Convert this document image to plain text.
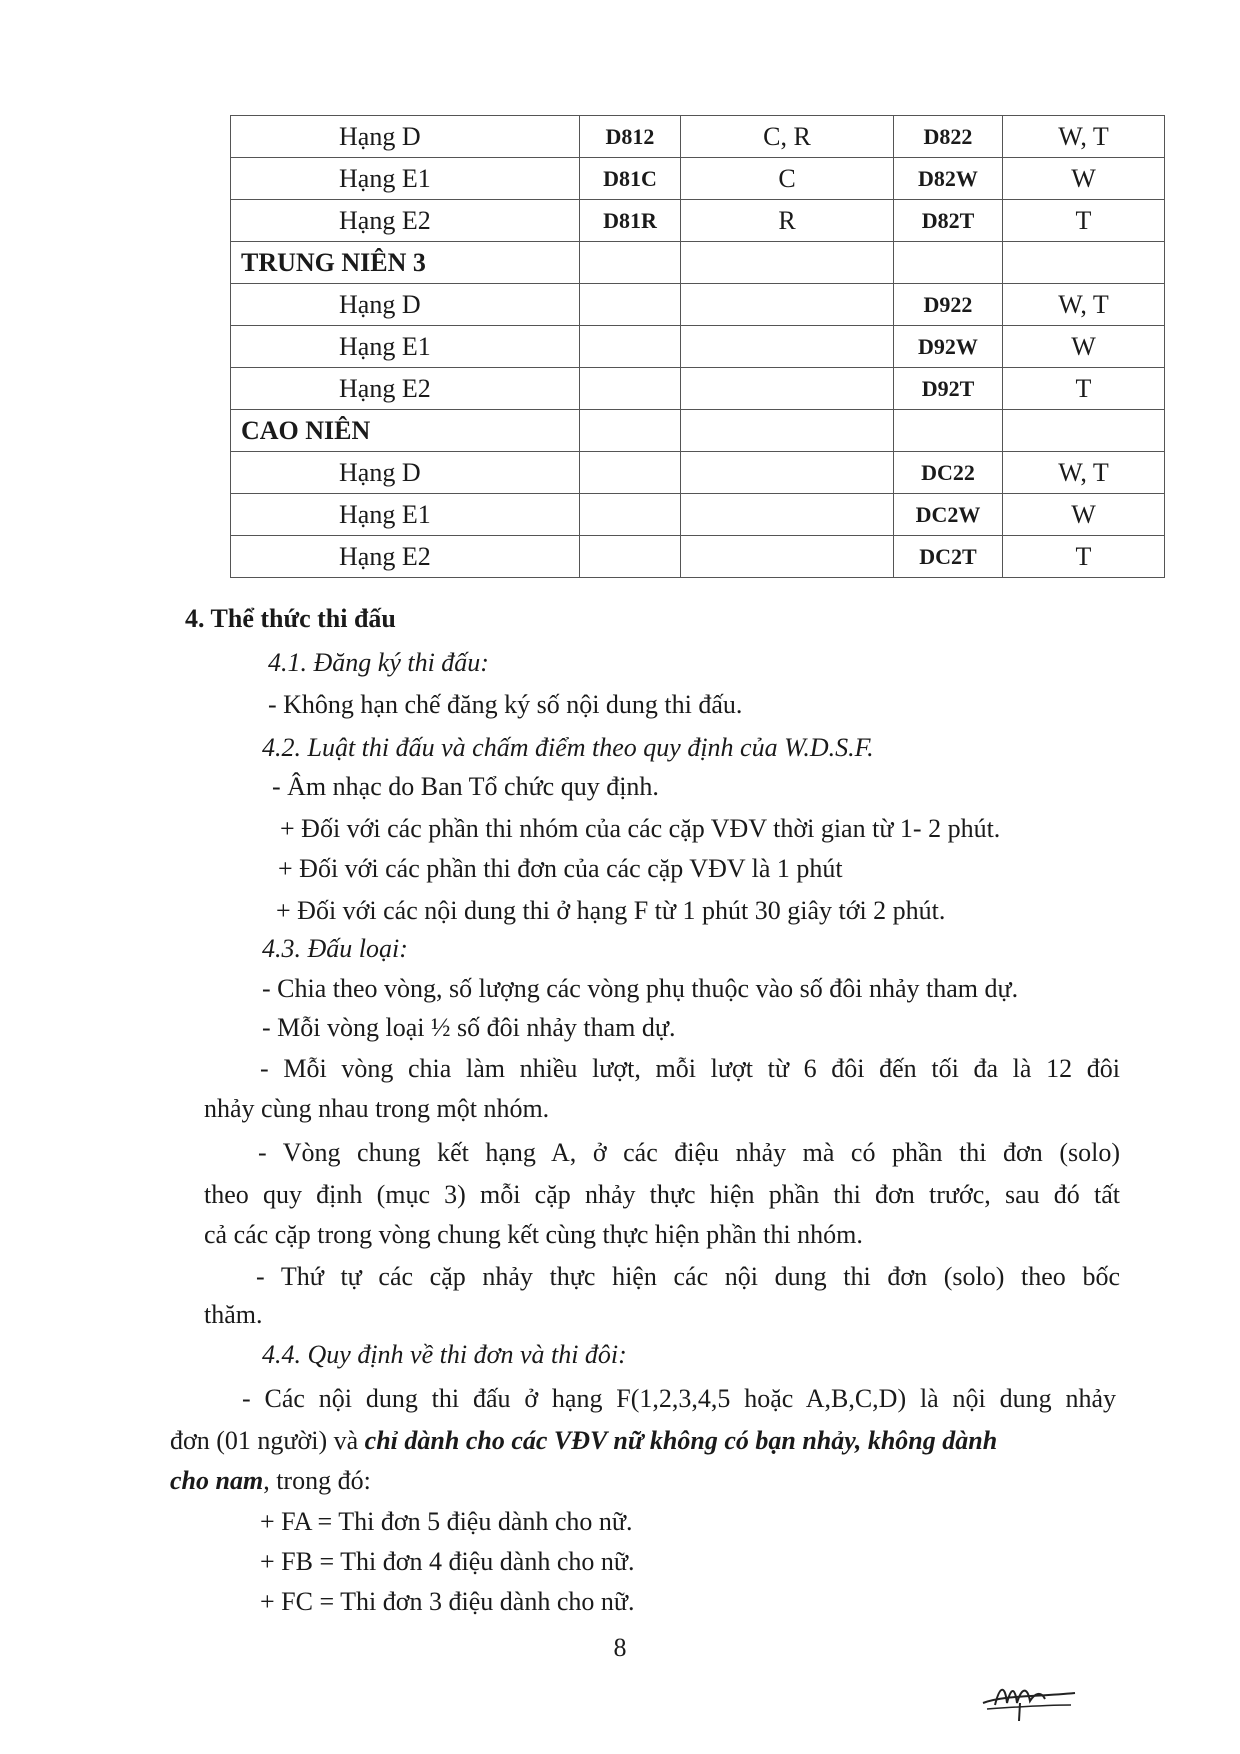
Hạng D	D812	C, R	D822	W, T
Hạng E1	D81C	C	D82W	W
Hạng E2	D81R	R	D82T	T
TRUNG NIÊN 3				
Hạng D			D922	W, T
Hạng E1			D92W	W
Hạng E2			D92T	T
CAO NIÊN				
Hạng D			DC22	W, T
Hạng E1			DC2W	W
Hạng E2			DC2T	T
4. Thể thức thi đấu
4.1. Đăng ký thi đấu:
- Không hạn chế đăng ký số nội dung thi đấu.
4.2. Luật thi đấu và chấm điểm theo quy định của W.D.S.F.
- Âm nhạc do Ban Tổ chức quy định.
+ Đối với các phần thi nhóm của các cặp VĐV thời gian từ 1- 2 phút.
+ Đối với các phần thi đơn của các cặp VĐV là 1 phút
+ Đối với các nội dung thi ở hạng F từ 1 phút 30 giây tới 2 phút.
4.3. Đấu loại:
- Chia theo vòng, số lượng các vòng phụ thuộc vào số đôi nhảy tham dự.
- Mỗi vòng loại ½ số đôi nhảy tham dự.
- Mỗi vòng chia làm nhiều lượt, mỗi lượt từ 6 đôi đến tối đa là 12 đôi
nhảy cùng nhau trong một nhóm.
- Vòng chung kết hạng A, ở các điệu nhảy mà có phần thi đơn (solo)
theo quy định (mục 3) mỗi cặp nhảy thực hiện phần thi đơn trước, sau đó tất
cả các cặp trong vòng chung kết cùng thực hiện phần thi nhóm.
- Thứ tự các cặp nhảy thực hiện các nội dung thi đơn (solo) theo bốc
thăm.
4.4. Quy định về thi đơn và thi đôi:
- Các nội dung thi đấu ở hạng F(1,2,3,4,5 hoặc A,B,C,D) là nội dung nhảy
đơn (01 người) và chỉ dành cho các VĐV nữ không có bạn nhảy, không dành
cho nam, trong đó:
+ FA = Thi đơn 5 điệu dành cho nữ.
+ FB = Thi đơn 4 điệu dành cho nữ.
+ FC = Thi đơn 3 điệu dành cho nữ.
8
